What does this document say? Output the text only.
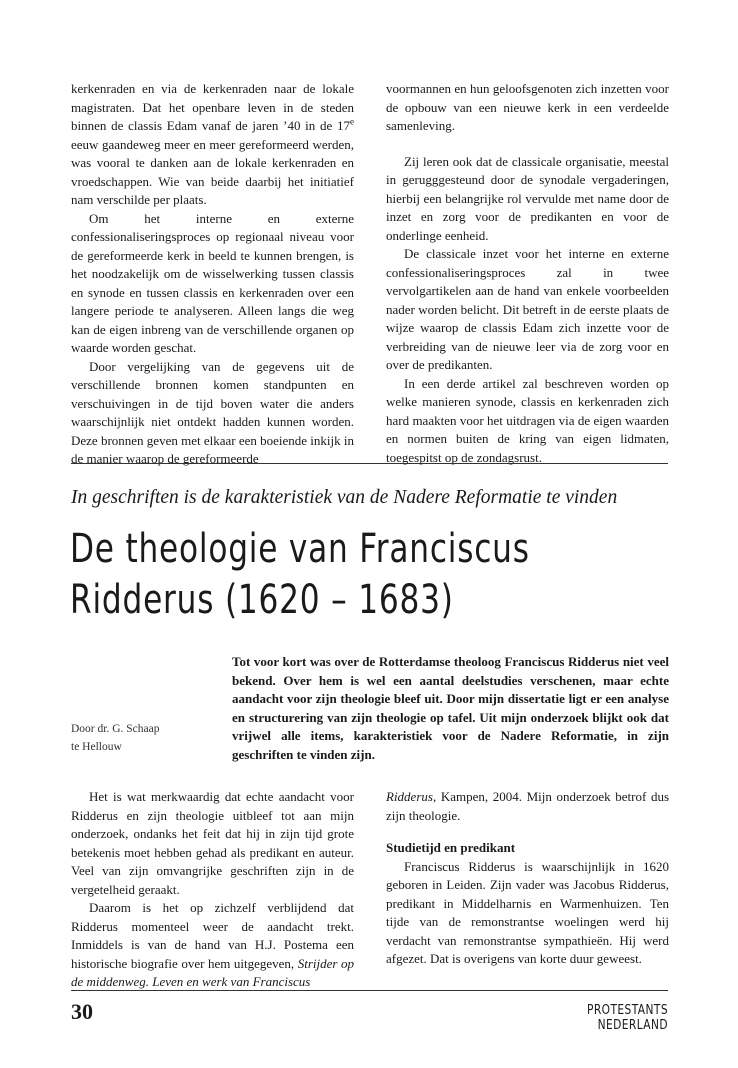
kerkenraden en via de kerkenraden naar de lokale magistraten. Dat het openbare leven in de steden binnen de classis Edam vanaf de jaren ’40 in de 17e eeuw gaandeweg meer en meer gereformeerd werden, was vooral te danken aan de lokale kerkenraden en vroedschappen. Wie van beide daarbij het initiatief nam verschilde per plaats.

Om het interne en externe confessionaliseringsproces op regionaal niveau voor de gereformeerde kerk in beeld te kunnen brengen, is het noodzakelijk om de wisselwerking tussen classis en synode en tussen classis en kerkenraden over een langere periode te analyseren. Alleen langs die weg kan de eigen inbreng van de verschillende organen op waarde worden geschat.

Door vergelijking van de gegevens uit de verschillende bronnen komen standpunten en verschuivingen in de tijd boven water die anders waarschijnlijk niet ontdekt hadden kunnen worden. Deze bronnen geven met elkaar een boeiende inkijk in de manier waarop de gereformeerde

voormannen en hun geloofsgenoten zich inzetten voor de opbouw van een nieuwe kerk in een verdeelde samenleving.

Zij leren ook dat de classicale organisatie, meestal in gerugggesteund door de synodale vergaderingen, hierbij een belangrijke rol vervulde met name door de inzet en zorg voor de predikanten en voor de onderlinge eenheid.

De classicale inzet voor het interne en externe confessionaliseringsproces zal in twee vervolgartikelen aan de hand van enkele voorbeelden nader worden belicht. Dit betreft in de eerste plaats de wijze waarop de classis Edam zich inzette voor de verbreiding van de nieuwe leer via de zorg voor en over de predikanten.

In een derde artikel zal beschreven worden op welke manieren synode, classis en kerkenraden zich hard maakten voor het uitdragen via de eigen waarden en normen buiten de kring van eigen lidmaten, toegespitst op de zondagsrust.

In geschriften is de karakteristiek van de Nadere Reformatie te vinden
De theologie van Franciscus
Ridderus (1620 – 1683)
Door dr. G. Schaap
te Hellouw
Tot voor kort was over de Rotterdamse theoloog Franciscus Ridderus niet veel bekend. Over hem is wel een aantal deelstudies verschenen, maar echte aandacht voor zijn theologie bleef uit. Door mijn dissertatie ligt er een analyse en structurering van zijn theologie op tafel. Uit mijn onderzoek blijkt ook dat vrijwel alle items, karakteristiek voor de Nadere Reformatie, in zijn geschriften te vinden zijn.

Het is wat merkwaardig dat echte aandacht voor Ridderus en zijn theologie uitbleef tot aan mijn onderzoek, ondanks het feit dat hij in zijn tijd grote betekenis moet hebben gehad als predikant en auteur. Veel van zijn omvangrijke geschriften zijn in de vergetelheid geraakt.

Daarom is het op zichzelf verblijdend dat Ridderus momenteel weer de aandacht trekt. Inmiddels is van de hand van H.J. Postema een historische biografie over hem uitgegeven, Strijder op de middenweg. Leven en werk van Franciscus

Ridderus, Kampen, 2004. Mijn onderzoek betrof dus zijn theologie.

Studietijd en predikant

Franciscus Ridderus is waarschijnlijk in 1620 geboren in Leiden. Zijn vader was Jacobus Ridderus, predikant in Middelharnis en Warmenhuizen. Ten tijde van de remonstrantse woelingen werd hij verdacht van remonstrantse sympathieën. Hij werd afgezet. Dat is overigens van korte duur geweest.

30	PROTESTANTS NEDERLAND
